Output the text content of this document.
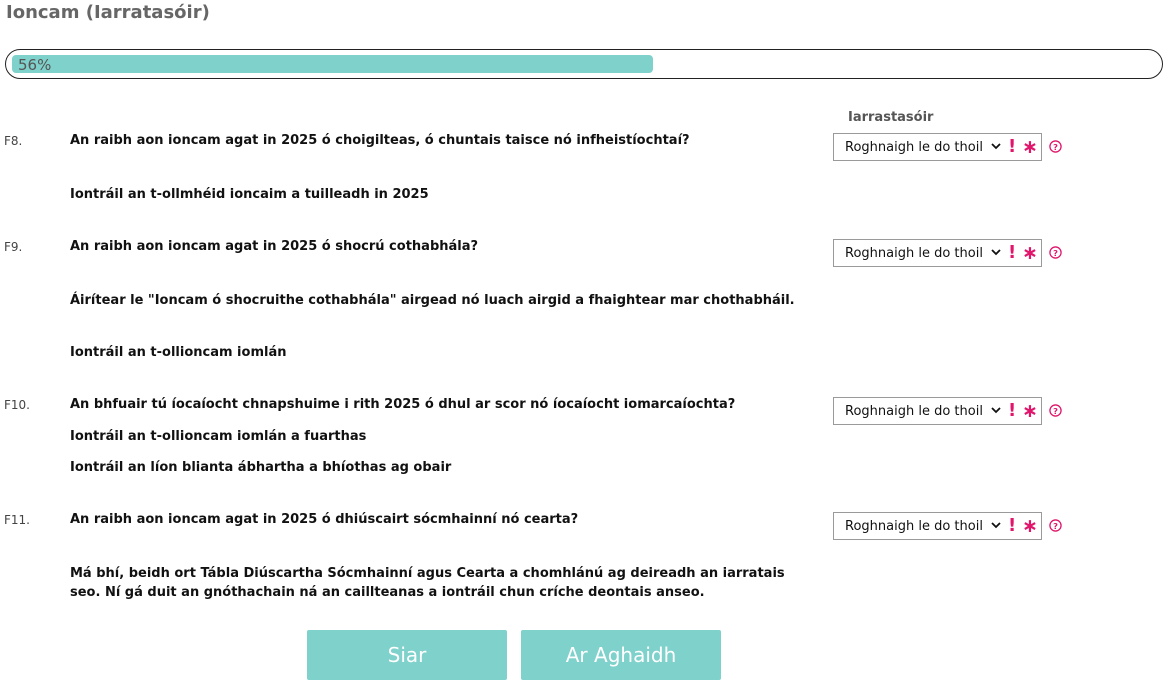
Ioncam (Iarratasóir)
56%
Iarrastasóir
F8.	An raibh aon ioncam agat in 2025 ó choigilteas, ó chuntais taisce nó infheistíochtaí?	Roghnaigh le do thoil ! ∗ ?
Iontráil an t-ollmhéid ioncaim a tuilleadh in 2025
F9.	An raibh aon ioncam agat in 2025 ó shocrú cothabhála?	Roghnaigh le do thoil ! ∗ ?
Áirítear le "Ioncam ó shocruithe cothabhála" airgead nó luach airgid a fhaightear mar chothabháil.
Iontráil an t-ollioncam iomlán
F10.	An bhfuair tú íocaíocht chnapshuime i rith 2025 ó dhul ar scor nó íocaíocht iomarcaíochta?	Roghnaigh le do thoil ! ∗ ?
Iontráil an t-ollioncam iomlán a fuarthas
Iontráil an líon blianta ábhartha a bhíothas ag obair
F11.	An raibh aon ioncam agat in 2025 ó dhiúscairt sócmhainní nó cearta?	Roghnaigh le do thoil ! ∗ ?
Má bhí, beidh ort Tábla Diúscartha Sócmhainní agus Cearta a chomhlánú ag deireadh an iarratais
seo. Ní gá duit an gnóthachain ná an caillteanas a iontráil chun críche deontais anseo.
Siar	Ar Aghaidh
